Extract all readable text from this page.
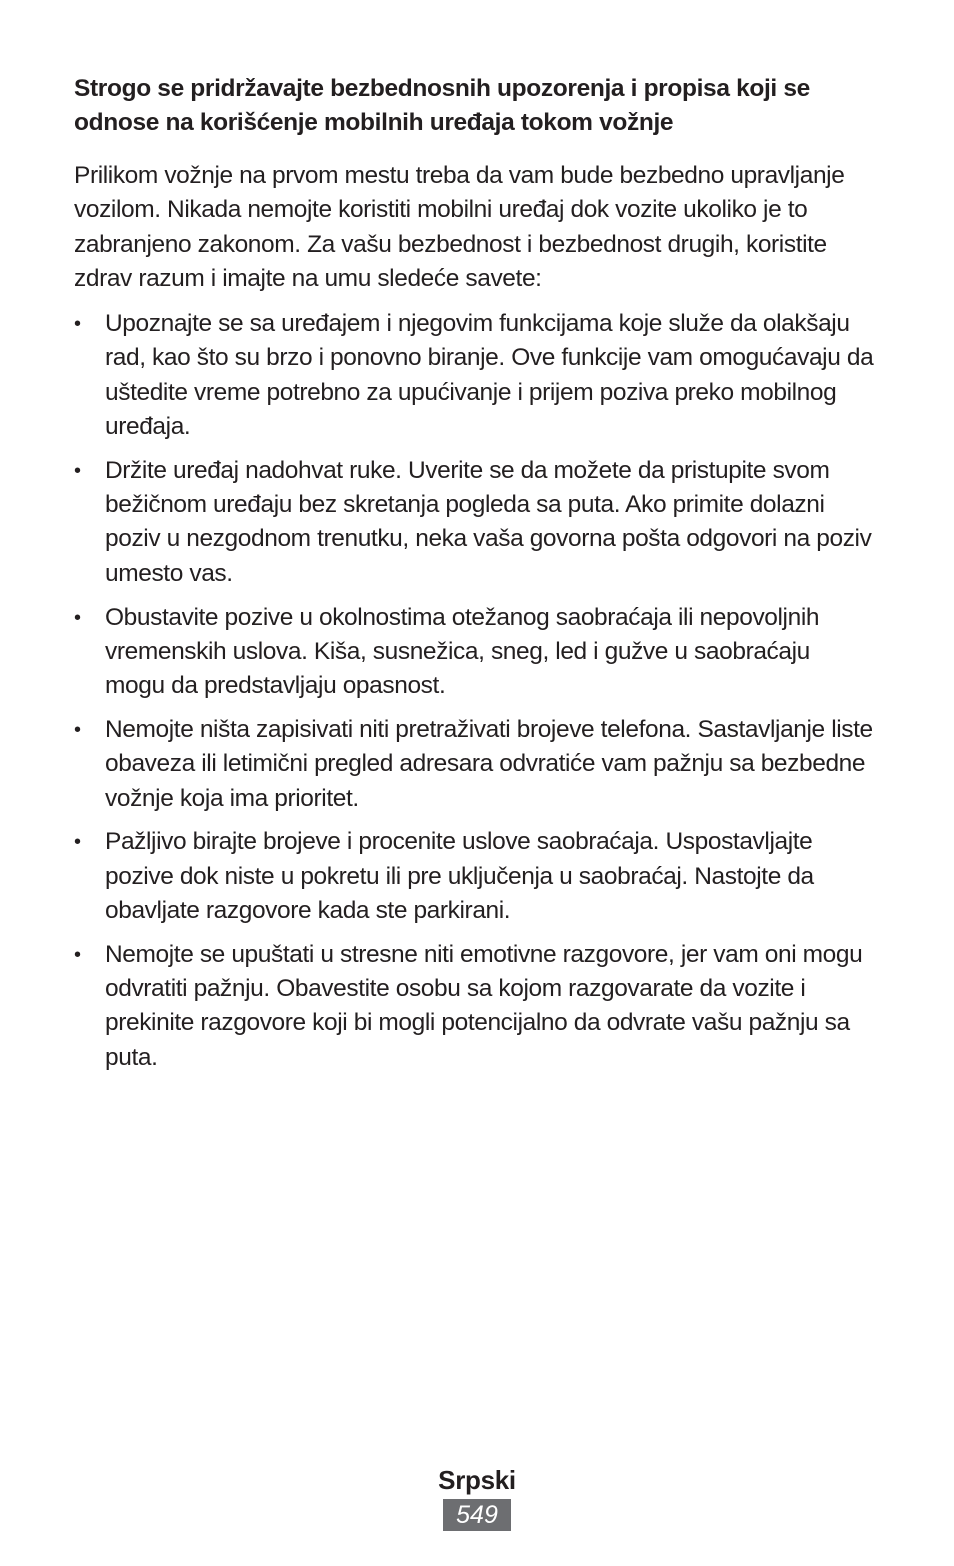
Strogo se pridržavajte bezbednosnih upozorenja i propisa koji se odnose na korišćenje mobilnih uređaja tokom vožnje

Prilikom vožnje na prvom mestu treba da vam bude bezbedno upravljanje vozilom. Nikada nemojte koristiti mobilni uređaj dok vozite ukoliko je to zabranjeno zakonom. Za vašu bezbednost i bezbednost drugih, koristite zdrav razum i imajte na umu sledeće savete:

• Upoznajte se sa uređajem i njegovim funkcijama koje služe da olakšaju rad, kao što su brzo i ponovno biranje. Ove funkcije vam omogućavaju da uštedite vreme potrebno za upućivanje i prijem poziva preko mobilnog uređaja.
• Držite uređaj nadohvat ruke. Uverite se da možete da pristupite svom bežičnom uređaju bez skretanja pogleda sa puta. Ako primite dolazni poziv u nezgodnom trenutku, neka vaša govorna pošta odgovori na poziv umesto vas.
• Obustavite pozive u okolnostima otežanog saobraćaja ili nepovoljnih vremenskih uslova. Kiša, susnežica, sneg, led i gužve u saobraćaju mogu da predstavljaju opasnost.
• Nemojte ništa zapisivati niti pretraživati brojeve telefona. Sastavljanje liste obaveza ili letimični pregled adresara odvratiće vam pažnju sa bezbedne vožnje koja ima prioritet.
• Pažljivo birajte brojeve i procenite uslove saobraćaja. Uspostavljajte pozive dok niste u pokretu ili pre uključenja u saobraćaj. Nastojte da obavljate razgovore kada ste parkirani.
• Nemojte se upuštati u stresne niti emotivne razgovore, jer vam oni mogu odvratiti pažnju. Obavestite osobu sa kojom razgovarate da vozite i prekinite razgovore koji bi mogli potencijalno da odvrate vašu pažnju sa puta.
Srpski
549
